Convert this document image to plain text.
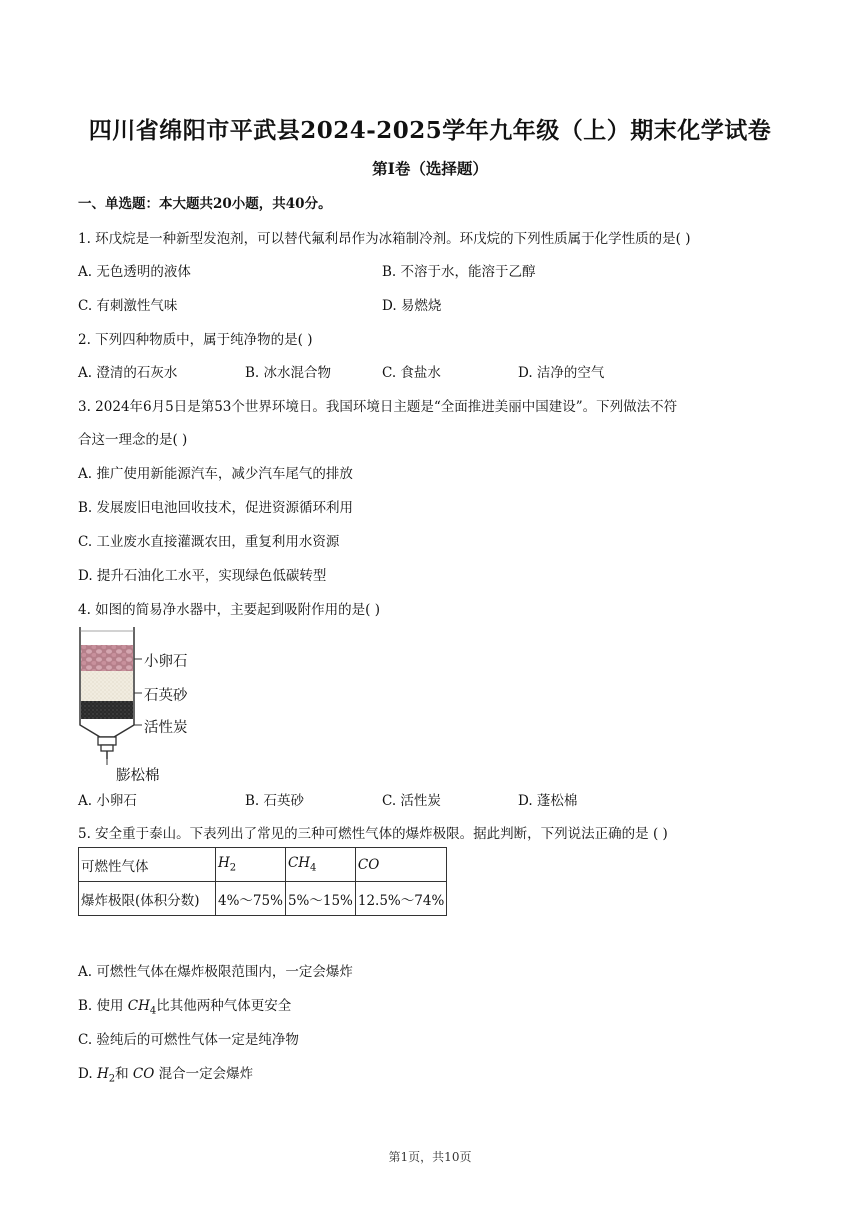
四川省绵阳市平武县2024-2025学年九年级（上）期末化学试卷
第I卷（选择题）
一、单选题：本大题共20小题，共40分。
1. 环戊烷是一种新型发泡剂，可以替代氟利昂作为冰箱制冷剂。环戊烷的下列性质属于化学性质的是( )
A. 无色透明的液体	B. 不溶于水，能溶于乙醇
C. 有刺激性气味	D. 易燃烧
2. 下列四种物质中，属于纯净物的是( )
A. 澄清的石灰水	B. 冰水混合物	C. 食盐水	D. 洁净的空气
3. 2024年6月5日是第53个世界环境日。我国环境日主题是“全面推进美丽中国建设”。下列做法不符
合这一理念的是( )
A. 推广使用新能源汽车，减少汽车尾气的排放
B. 发展废旧电池回收技术，促进资源循环利用
C. 工业废水直接灌溉农田，重复利用水资源
D. 提升石油化工水平，实现绿色低碳转型
4. 如图的简易净水器中，主要起到吸附作用的是( )
小卵石
石英砂
活性炭
膨松棉
A. 小卵石	B. 石英砂	C. 活性炭	D. 蓬松棉
5. 安全重于泰山。下表列出了常见的三种可燃性气体的爆炸极限。据此判断，下列说法正确的是 ( )
可燃性气体	$H_2$	$CH_4$	CO
爆炸极限(体积分数)	4%～75%	5%～15%	12.5%～74%
A. 可燃性气体在爆炸极限范围内，一定会爆炸
B. 使用 $CH_4$比其他两种气体更安全
C. 验纯后的可燃性气体一定是纯净物
D. $H_2$和 CO 混合一定会爆炸
第1页，共10页
